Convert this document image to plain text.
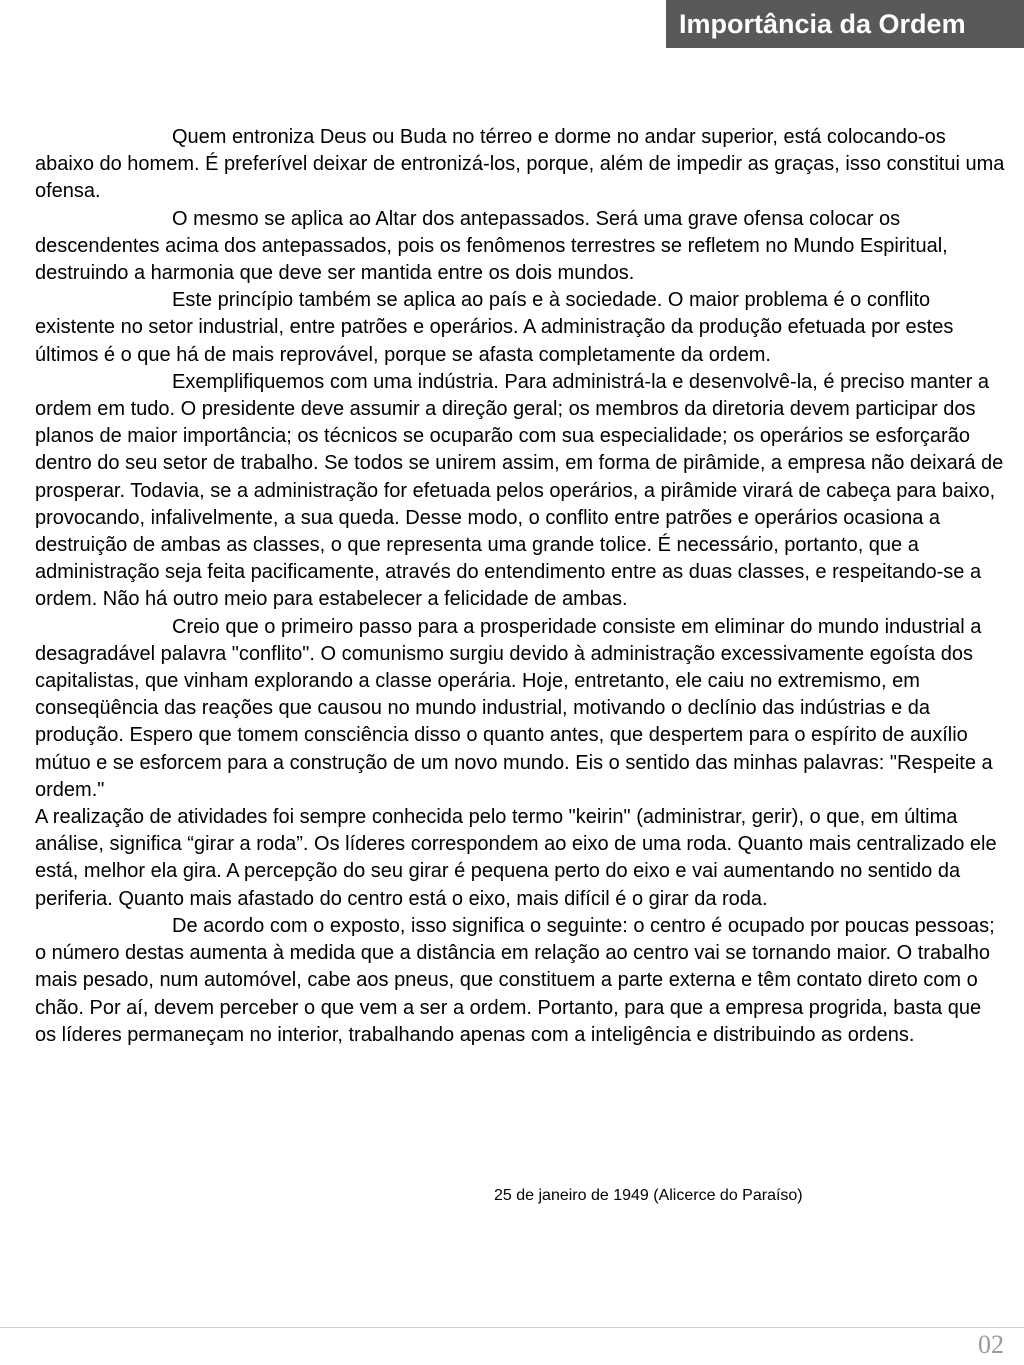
Importância da Ordem

Quem entroniza Deus ou Buda no térreo e dorme no andar superior, está colocando-os abaixo do homem. É preferível deixar de entronizá-los, porque, além de impedir as graças, isso constitui uma ofensa.

O mesmo se aplica ao Altar dos antepassados. Será uma grave ofensa colocar os descendentes acima dos antepassados, pois os fenômenos terrestres se refletem no Mundo Espiritual, destruindo a harmonia que deve ser mantida entre os dois mundos.

Este princípio também se aplica ao país e à sociedade. O maior problema é o conflito existente no setor industrial, entre patrões e operários. A administração da produção efetuada por estes últimos é o que há de mais reprovável, porque se afasta completamente da ordem.

Exemplifiquemos com uma indústria. Para administrá-la e desenvolvê-la, é preciso manter a ordem em tudo. O presidente deve assumir a direção geral; os membros da diretoria devem participar dos planos de maior importância; os técnicos se ocuparão com sua especialidade; os operários se esforçarão dentro do seu setor de trabalho. Se todos se unirem assim, em forma de pirâmide, a empresa não deixará de prosperar. Todavia, se a administração for efetuada pelos operários, a pirâmide virará de cabeça para baixo, provocando, infalivelmente, a sua queda. Desse modo, o conflito entre patrões e operários ocasiona a destruição de ambas as classes, o que representa uma grande tolice. É necessário, portanto, que a administração seja feita pacificamente, através do entendimento entre as duas classes, e respeitando-se a ordem. Não há outro meio para estabelecer a felicidade de ambas.

Creio que o primeiro passo para a prosperidade consiste em eliminar do mundo industrial a desagradável palavra "conflito". O comunismo surgiu devido à administração excessivamente egoísta dos capitalistas, que vinham explorando a classe operária. Hoje, entretanto, ele caiu no extremismo, em conseqüência das reações que causou no mundo industrial, motivando o declínio das indústrias e da produção. Espero que tomem consciência disso o quanto antes, que despertem para o espírito de auxílio mútuo e se esforcem para a construção de um novo mundo. Eis o sentido das minhas palavras: "Respeite a ordem."

A realização de atividades foi sempre conhecida pelo termo "keirin" (administrar, gerir), o que, em última análise, significa “girar a roda”. Os líderes correspondem ao eixo de uma roda. Quanto mais centralizado ele está, melhor ela gira. A percepção do seu girar é pequena perto do eixo e vai aumentando no sentido da periferia. Quanto mais afastado do centro está o eixo, mais difícil é o girar da roda.

De acordo com o exposto, isso significa o seguinte: o centro é ocupado por poucas pessoas; o número destas aumenta à medida que a distância em relação ao centro vai se tornando maior. O trabalho mais pesado, num automóvel, cabe aos pneus, que constituem a parte externa e têm contato direto com o chão. Por aí, devem perceber o que vem a ser a ordem. Portanto, para que a empresa progrida, basta que os líderes permaneçam no interior, trabalhando apenas com a inteligência e distribuindo as ordens.

25 de janeiro de 1949 (Alicerce do Paraíso)
02
